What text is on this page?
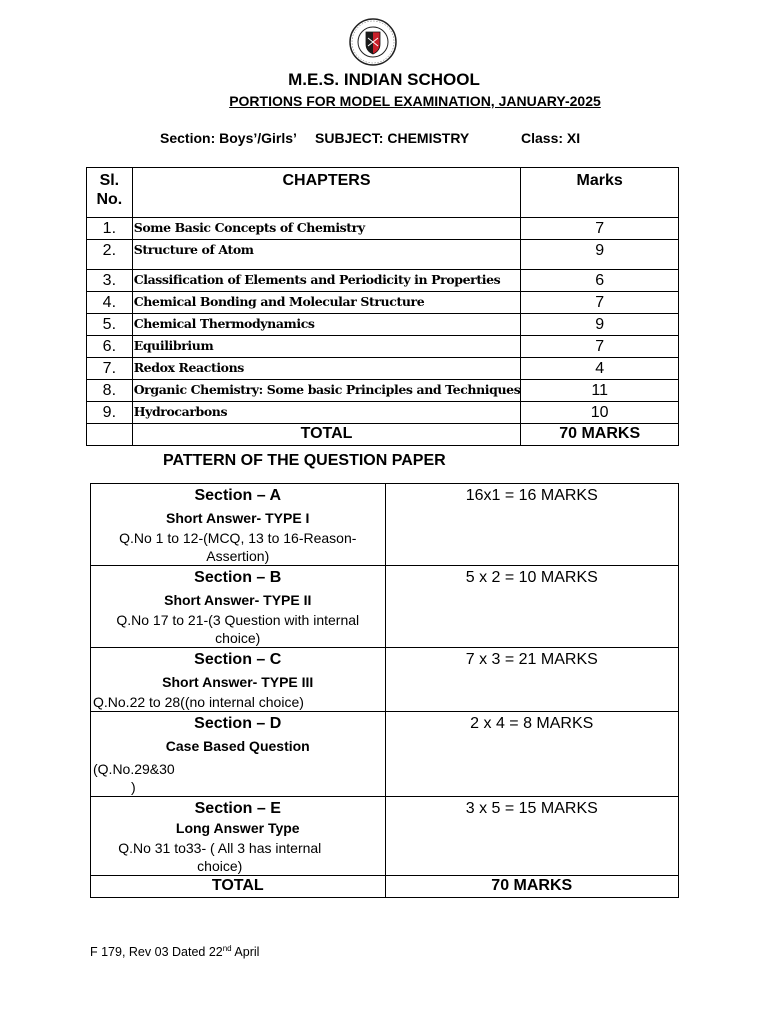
M.E.S. INDIAN SCHOOL
PORTIONS FOR MODEL EXAMINATION, JANUARY-2025
Section: Boys’/Girls’ SUBJECT: CHEMISTRY	Class: XI
Sl.
No.	CHAPTERS	Marks
1.	Some Basic Concepts of Chemistry	7
2.	Structure of Atom	9
3.	Classification of Elements and Periodicity in Properties	6
4.	Chemical Bonding and Molecular Structure	7
5.	Chemical Thermodynamics	9
6.	Equilibrium	7
7.	Redox Reactions	4
8.	Organic Chemistry: Some basic Principles and Techniques	11
9.	Hydrocarbons	10
	TOTAL	70 MARKS
PATTERN OF THE QUESTION PAPER
Section – A
Short Answer- TYPE I
Q.No 1 to 12-(MCQ, 13 to 16-Reason-Assertion)	16x1 = 16 MARKS

Section – B
Short Answer- TYPE II
Q.No 17 to 21-(3 Question with internal choice)	5 x 2 = 10 MARKS

Section – C
Short Answer- TYPE III
Q.No.22 to 28((no internal choice)	7 x 3 = 21 MARKS

Section – D
Case Based Question
(Q.No.29&30
)	2 x 4 = 8 MARKS

Section – E
Long Answer Type
Q.No 31 to33- ( All 3 has internal choice)	3 x 5 = 15 MARKS
TOTAL	70 MARKS
F 179, Rev 03 Dated 22nd April
